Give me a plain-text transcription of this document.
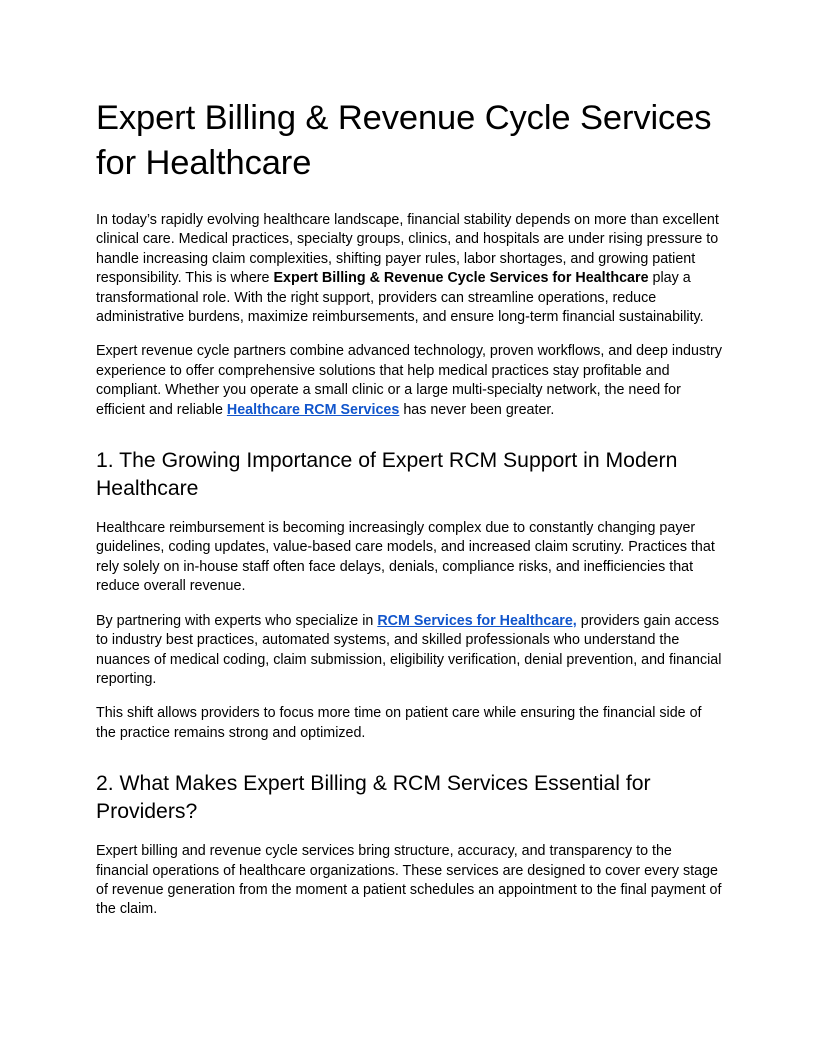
Expert Billing & Revenue Cycle Services for Healthcare

In today’s rapidly evolving healthcare landscape, financial stability depends on more than excellent clinical care. Medical practices, specialty groups, clinics, and hospitals are under rising pressure to handle increasing claim complexities, shifting payer rules, labor shortages, and growing patient responsibility. This is where Expert Billing & Revenue Cycle Services for Healthcare play a transformational role. With the right support, providers can streamline operations, reduce administrative burdens, maximize reimbursements, and ensure long-term financial sustainability.

Expert revenue cycle partners combine advanced technology, proven workflows, and deep industry experience to offer comprehensive solutions that help medical practices stay profitable and compliant. Whether you operate a small clinic or a large multi-specialty network, the need for efficient and reliable Healthcare RCM Services has never been greater.

1. The Growing Importance of Expert RCM Support in Modern Healthcare

Healthcare reimbursement is becoming increasingly complex due to constantly changing payer guidelines, coding updates, value-based care models, and increased claim scrutiny. Practices that rely solely on in-house staff often face delays, denials, compliance risks, and inefficiencies that reduce overall revenue.

By partnering with experts who specialize in RCM Services for Healthcare, providers gain access to industry best practices, automated systems, and skilled professionals who understand the nuances of medical coding, claim submission, eligibility verification, denial prevention, and financial reporting.

This shift allows providers to focus more time on patient care while ensuring the financial side of the practice remains strong and optimized.

2. What Makes Expert Billing & RCM Services Essential for Providers?

Expert billing and revenue cycle services bring structure, accuracy, and transparency to the financial operations of healthcare organizations. These services are designed to cover every stage of revenue generation from the moment a patient schedules an appointment to the final payment of the claim.
